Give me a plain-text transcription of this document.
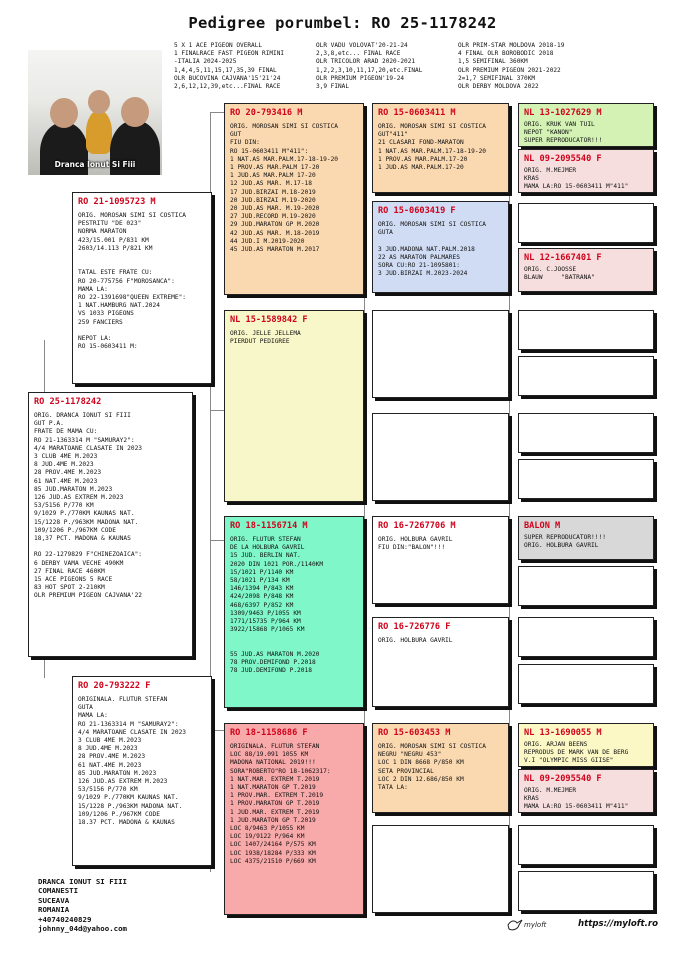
Pedigree porumbel: RO 25-1178242
5 X 1 ACE PIGEON OVERALL
1 FINALRACE FAST PIGEON RIMINI
-ITALIA 2024-2025
1,4,4,5,11,15,17,35,39 FINAL
OLR BUCOVINA CAJVANA'15'21'24
2,6,12,12,39,etc...FINAL RACE
OLR VADU VOLOVAT'20-21-24
2,3,8,etc... FINAL RACE
OLR TRICOLOR ARAD 2020-2021
1,2,2,3,10,11,17,20,etc.FINAL
OLR PREMIUM PIGEON'19-24
3,9 FINAL
OLR PRIM-STAR MOLDOVA 2018-19
4 FINAL OLR BOROBODIC 2018
1,5 SEMIFINAL 360KM
OLR PREMIUM PIGEON 2021-2022
2=1,7 SEMIFINAL 370KM
OLR DERBY MOLDOVA 2022
Dranca Ionut Si Fiii
RO 25-1178242
ORIG. DRANCA IONUT SI FIII
GUT P.A.
FRATE DE MAMA CU:
RO 21-1363314 M "SAMURAY2":
4/4 MARATOANE CLASATE IN 2023
3 CLUB 4ME M.2023
8 JUD.4ME M.2023
28 PROV.4ME M.2023
61 NAT.4ME M.2023
85 JUD.MARATON M.2023
126 JUD.AS EXTREM M.2023
53/5156 P/770 KM
9/1029 P./770KM KAUNAS NAT.
15/1228 P./963KM MADONA NAT.
109/1206 P./967KM CODE
18,37 PCT. MADONA & KAUNAS

RO 22-1279829 F"CHINEZOAICA":
6 DERBY VAMA VECHE 490KM
27 FINAL RACE 460KM
15 ACE PIGEONS 5 RACE
83 HOT SPOT 2-210KM
OLR PREMIUM PIGEON CAJVANA'22
RO 21-1095723 M
ORIG. MOROSAN SIMI SI COSTICA
PESTRITU "DE 023"
NORMA MARATON
423/15.001 P/831 KM
2603/14.113 P/821 KM

TATAL ESTE FRATE CU:
RO 20-775756 F"MOROSANCA":
MAMA LA:
RO 22-1391698"QUEEN EXTREME":
1 NAT.HAMBURG NAT.2024
VS 1033 PIGEONS
259 FANCIERS

NEPOT LA:
RO 15-0603411 M:
RO 20-793222 F
ORIGINALA. FLUTUR STEFAN
GUTA
MAMA LA:
RO 21-1363314 M "SAMURAY2":
4/4 MARATOANE CLASATE IN 2023
3 CLUB 4ME M.2023
8 JUD.4ME M.2023
28 PROV.4ME M.2023
61 NAT.4ME M.2023
85 JUD.MARATON M.2023
126 JUD.AS EXTREM M.2023
53/5156 P/770 KM
9/1029 P./770KM KAUNAS NAT.
15/1228 P./963KM MADONA NAT.
109/1206 P./967KM CODE
18.37 PCT. MADONA & KAUNAS
RO 20-793416 M
ORIG. MOROSAN SIMI SI COSTICA
GUT
FIU DIN:
RO 15-0603411 M"411":
1 NAT.AS MAR.PALM.17-18-19-20
1 PROV.AS MAR.PALM 17-20
1 JUD.AS MAR.PALM 17-20
12 JUD.AS MAR. M.17-18
17 JUD.BIRZAI M.18-2019
20 JUD.BIRZAI M.19-2020
20 JUD.AS MAR. M.19-2020
27 JUD.RECORD M.19-2020
29 JUD.MARATON GP M.2020
42 JUD.AS MAR. M.18-2019
44 JUD.I M.2019-2020
45 JUD.AS MARATON M.2017
NL 15-1589842 F
ORIG. JELLE JELLEMA
PIERDUT PEDIGREE
RO 18-1156714 M
ORIG. FLUTUR STEFAN
DE LA HOLBURA GAVRIL
15 JUD. BERLIN NAT.
2020 DIN 1021 POR./1140KM
15/1021 P/1140 KM
58/1021 P/134 KM
146/1394 P/843 KM
424/2098 P/848 KM
468/6397 P/852 KM
1309/9463 P/1055 KM
1771/15735 P/964 KM
3922/15868 P/1065 KM

55 JUD.AS MARATON M.2020
78 PROV.DEMIFOND P.2018
78 JUD.DEMIFOND P.2018
RO 18-1158686 F
ORIGINALA. FLUTUR STEFAN
LOC 88/19.091 1055 KM
MADONA NATIONAL 2019!!!
SORA"ROBERTO"RO 18-1062317:
1 NAT.MAR. EXTREM T.2019
1 NAT.MARATON GP T.2019
1 PROV.MAR. EXTREM T.2019
1 PROV.MARATON GP T.2019
1 JUD.MAR. EXTREM T.2019
1 JUD.MARATON GP T.2019
LOC 8/9463 P/1055 KM
LOC 19/9122 P/964 KM
LOC 1407/24164 P/575 KM
LOC 1938/18284 P/333 KM
LOC 4375/21510 P/669 KM
RO 15-0603411 M
ORIG. MOROSAN SIMI SI COSTICA
GUT"411"
21 CLASARI FOND-MARATON
1 NAT.AS MAR.PALM.17-18-19-20
1 PROV.AS MAR.PALM.17-20
1 JUD.AS MAR.PALM.17-20
RO 15-0603419 F
ORIG. MOROSAN SIMI SI COSTICA
GUTA

3 JUD.MADONA NAT.PALM.2018
22 AS MARATON PALMARES
SORA CU:RO 21-1095801:
3 JUD.BIRZAI M.2023-2024
RO 16-7267706 M
ORIG. HOLBURA GAVRIL
FIU DIN:"BALON"!!!
RO 16-726776 F
ORIG. HOLBURA GAVRIL
RO 15-603453 M
ORIG. MOROSAN SIMI SI COSTICA
NEGRU "NEGRU 453"
LOC 1 DIN 8668 P/850 KM
SETA PROVINCIAL
LOC 2 DIN 12.686/850 KM
TATA LA:
NL 13-1027629 M
ORIG. KRUK VAN TUIL
NEPOT "KANON"
SUPER REPRODUCATOR!!!
NL 09-2095540 F
ORIG. M.MEJMER
KRAS
MAMA LA:RO 15-0603411 M"411"
NL 12-1667401 F
ORIG. C.JOOSSE
BLAUW     "BATRANA"
BALON M
SUPER REPRODUCATOR!!!!
ORIG. HOLBURA GAVRIL
NL 13-1690055 M
ORIG. ARJAN BEENS
REPRODUS DE MARK VAN DE BERG
V.I "OLYMPIC MISS GIISE"
NL 09-2095540 F
ORIG. M.MEJMER
KRAS
MAMA LA:RO 15-0603411 M"411"
DRANCA IONUT SI FIII
COMANESTI
SUCEAVA
ROMANIA
+40740240829
johnny_04d@yahoo.com	myloft	https://myloft.ro
